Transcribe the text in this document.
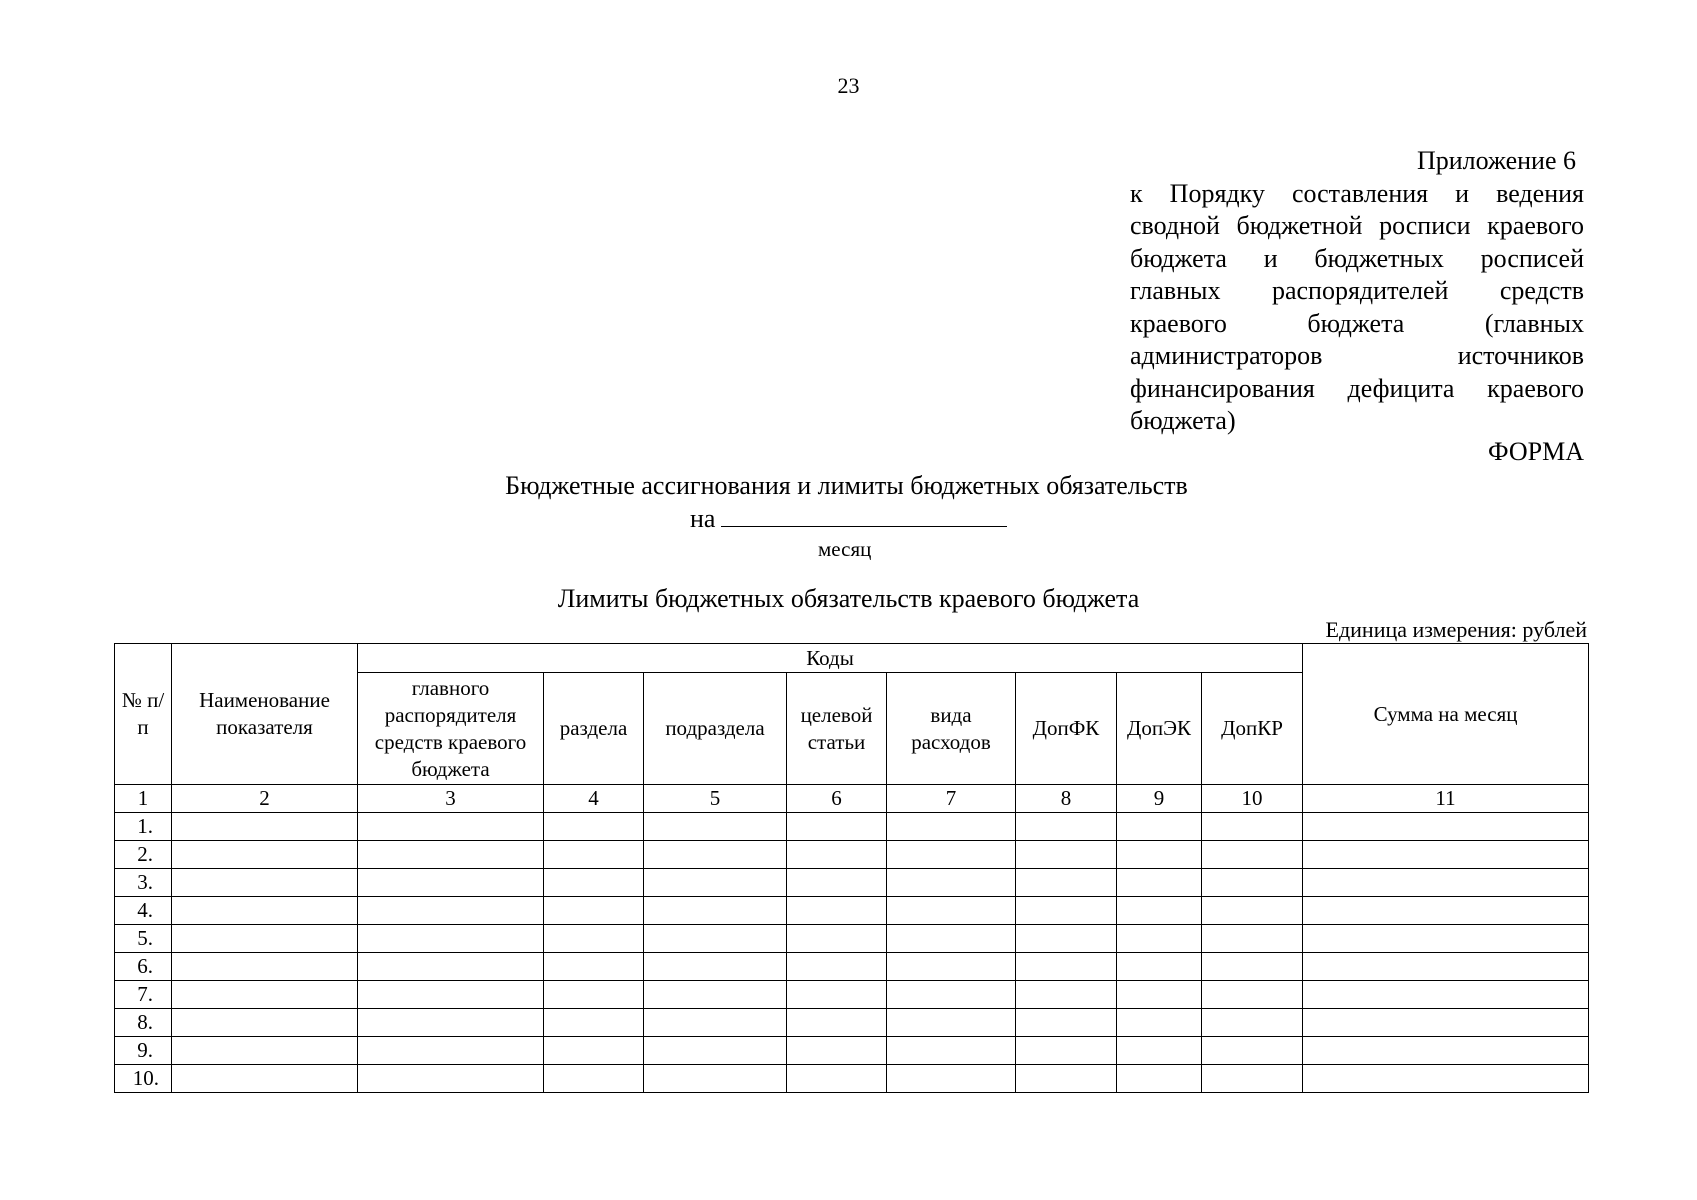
23
Приложение 6
к Порядку составления и ведения сводной бюджетной росписи краевого бюджета и бюджетных росписей главных распорядителей средств краевого бюджета (главных администраторов источников финансирования дефицита краевого бюджета)
ФОРМА
Бюджетные ассигнования и лимиты бюджетных обязательств
на
месяц
Лимиты бюджетных обязательств краевого бюджета
Единица измерения: рублей
№ п/п	Наименование показателя	Коды								Сумма на месяц
		главного распорядителя средств краевого бюджета	раздела	подраздела	целевой статьи	вида расходов	ДопФК	ДопЭК	ДопКР	
1	2	3	4	5	6	7	8	9	10	11
1.										
2.										
3.										
4.										
5.										
6.										
7.										
8.										
9.										
10.										
